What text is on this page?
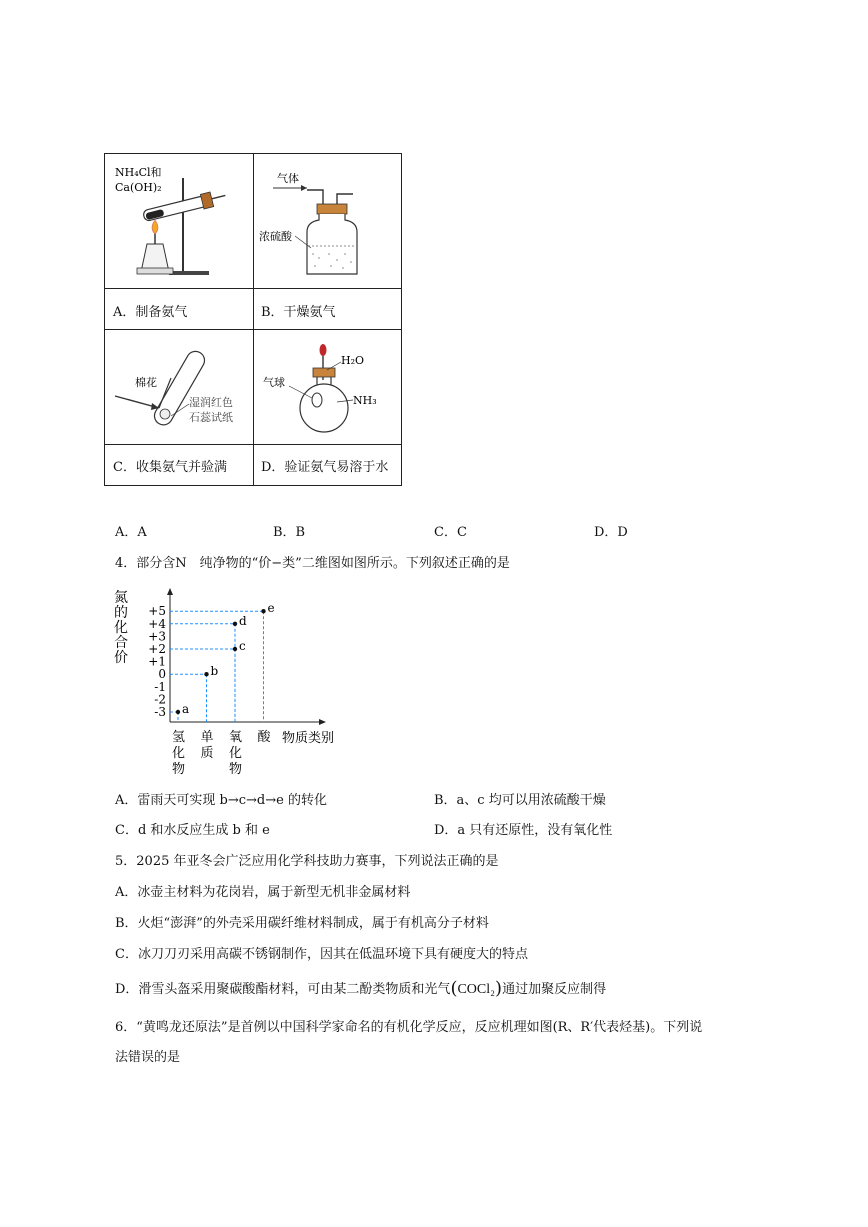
NH₄Cl和
Ca(OH)₂
A．制备氨气
气体
浓硫酸
B．干燥氨气
棉花
湿润红色
石蕊试纸
C．收集氨气并验满
H₂O
气球
NH₃
D．验证氨气易溶于水
A．A	B．B	C．C	D．D
4．部分含N　纯净物的“价−类”二维图如图所示。下列叙述正确的是
氮
的
化
合
价
+5
+4
+3
+2
+1
0
-1
-2
-3 a
b
c
d
e
氢
化
物
单
质
氧
化
物
酸 物质类别
A．雷雨天可实现 b→c→d→e 的转化	B．a、c 均可以用浓硫酸干燥
C．d 和水反应生成 b 和 e	D．a 只有还原性，没有氧化性
5．2025 年亚冬会广泛应用化学科技助力赛事，下列说法正确的是
A．冰壶主材料为花岗岩，属于新型无机非金属材料
B．火炬“澎湃”的外壳采用碳纤维材料制成，属于有机高分子材料
C．冰刀刀刃采用高碳不锈钢制作，因其在低温环境下具有硬度大的特点
D．滑雪头盔采用聚碳酸酯材料，可由某二酚类物质和光气(COCl₂)通过加聚反应制得
6．“黄鸣龙还原法”是首例以中国科学家命名的有机化学反应，反应机理如图(R、R′代表烃基)。下列说
法错误的是
